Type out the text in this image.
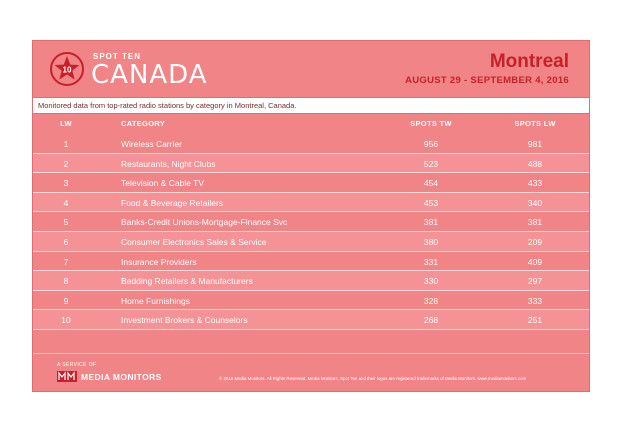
10
SPOT TEN
CANADA	Montreal
AUGUST 29 - SEPTEMBER 4, 2016
Monitored data from top-rated radio stations by category in Montreal, Canada.
LW	CATEGORY	SPOTS TW	SPOTS LW
1	Wireless Carrier	956	981
2	Restaurants, Night Clubs	523	488
3	Television & Cable TV	454	433
4	Food & Beverage Retailers	453	340
5	Banks-Credit Unions-Mortgage-Finance Svc	381	381
6	Consumer Electronics Sales & Service	380	209
7	Insurance Providers	331	409
8	Bedding Retailers & Manufacturers	330	297
9	Home Furnishings	328	333
10	Investment Brokers & Counselors	268	251
A SERVICE OF
MEDIA MONITORS	© 2016 Media Monitors. All Rights Reserved. Media Monitors, Spot Ten and their logos are registered trademarks of Media Monitors. www.mediamonitors.com
